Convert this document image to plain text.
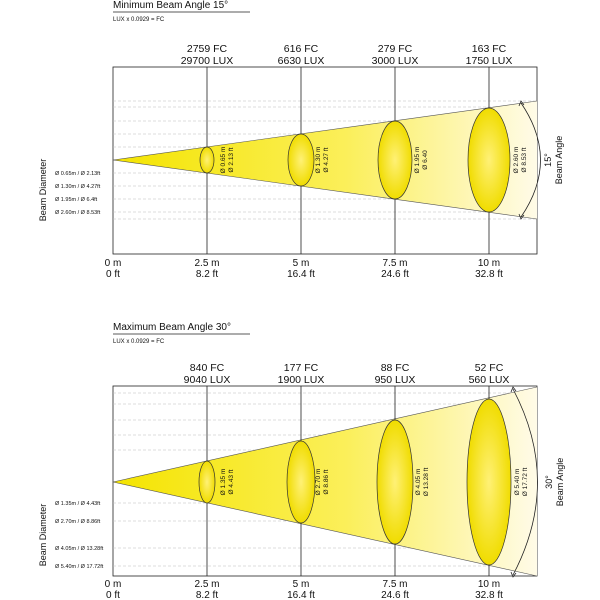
Minimum Beam Angle 15°
LUX x 0.0929 = FC
2759 FC
29700 LUX
616 FC
6630 LUX
279 FC
3000 LUX
163 FC
1750 LUX
Ø 0.65 m Ø 2.13 ft	Ø 1.30 m Ø 4.27 ft	Ø 1.95 m Ø 6.40	Ø 2.60 m Ø 8.53 ft
Ø 0.65m / Ø 2.13ft
Ø 1.30m / Ø 4.27ft
Ø 1.95m / Ø 6.4ft
Ø 2.60m / Ø 8.53ft
Beam Diameter	15° Beam Angle
0 m
0 ft
2.5 m
8.2 ft
5 m
16.4 ft
7.5 m
24.6 ft
10 m
32.8 ft
Maximum Beam Angle 30°
LUX x 0.0929 = FC
840 FC
9040 LUX
177 FC
1900 LUX
88 FC
950 LUX
52 FC
560 LUX
Ø 1.35 m Ø 4.43 ft	Ø 2.70 m Ø 8.86 ft	Ø 4.05 m Ø 13.28 ft	Ø 5.40 m Ø 17.72 ft
Ø 1.35m / Ø 4.43ft
Ø 2.70m / Ø 8.86ft
Ø 4.05m / Ø 13.28ft
Ø 5.40m / Ø 17.72ft
Beam Diameter
30° Beam Angle
0 m
0 ft
2.5 m
8.2 ft
5 m
16.4 ft
7.5 m
24.6 ft
10 m
32.8 ft
